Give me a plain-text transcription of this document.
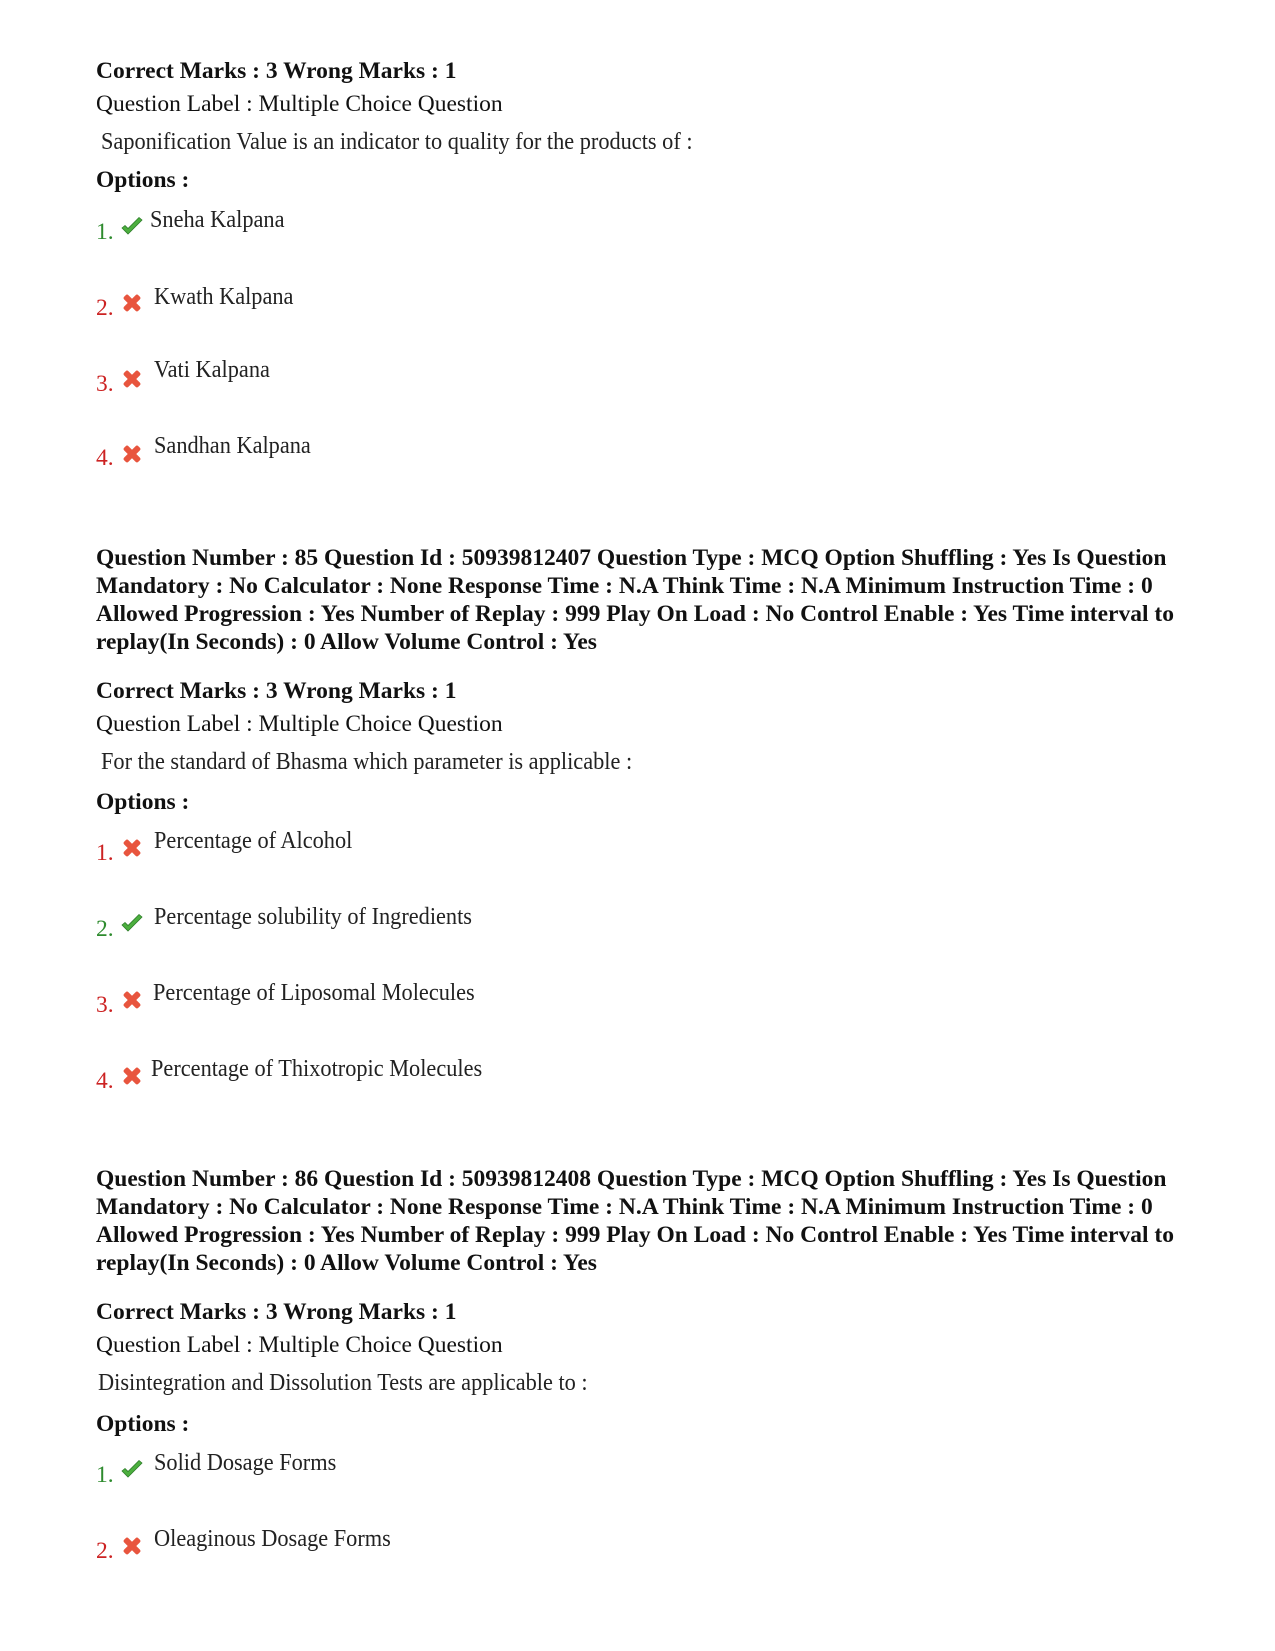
Correct Marks : 3 Wrong Marks : 1
Question Label : Multiple Choice Question
Saponification Value is an indicator to quality for the products of :
Options :
1. Sneha Kalpana
2. Kwath Kalpana
3.
Vati Kalpana
4. Sandhan Kalpana
Question Number : 85 Question Id : 50939812407 Question Type : MCQ Option Shuffling : Yes Is Question Mandatory : No Calculator : None Response Time : N.A Think Time : N.A Minimum Instruction Time : 0 Allowed Progression : Yes Number of Replay : 999 Play On Load : No Control Enable : Yes Time interval to replay(In Seconds) : 0 Allow Volume Control : Yes
Correct Marks : 3 Wrong Marks : 1
Question Label : Multiple Choice Question
For the standard of Bhasma which parameter is applicable :
Options :
1. Percentage of Alcohol
2. Percentage solubility of Ingredients
3. Percentage of Liposomal Molecules
4. Percentage of Thixotropic Molecules
Question Number : 86 Question Id : 50939812408 Question Type : MCQ Option Shuffling : Yes Is Question Mandatory : No Calculator : None Response Time : N.A Think Time : N.A Minimum Instruction Time : 0 Allowed Progression : Yes Number of Replay : 999 Play On Load : No Control Enable : Yes Time interval to replay(In Seconds) : 0 Allow Volume Control : Yes
Correct Marks : 3 Wrong Marks : 1
Question Label : Multiple Choice Question
Disintegration and Dissolution Tests are applicable to :
Options :
1. Solid Dosage Forms
2. Oleaginous Dosage Forms
